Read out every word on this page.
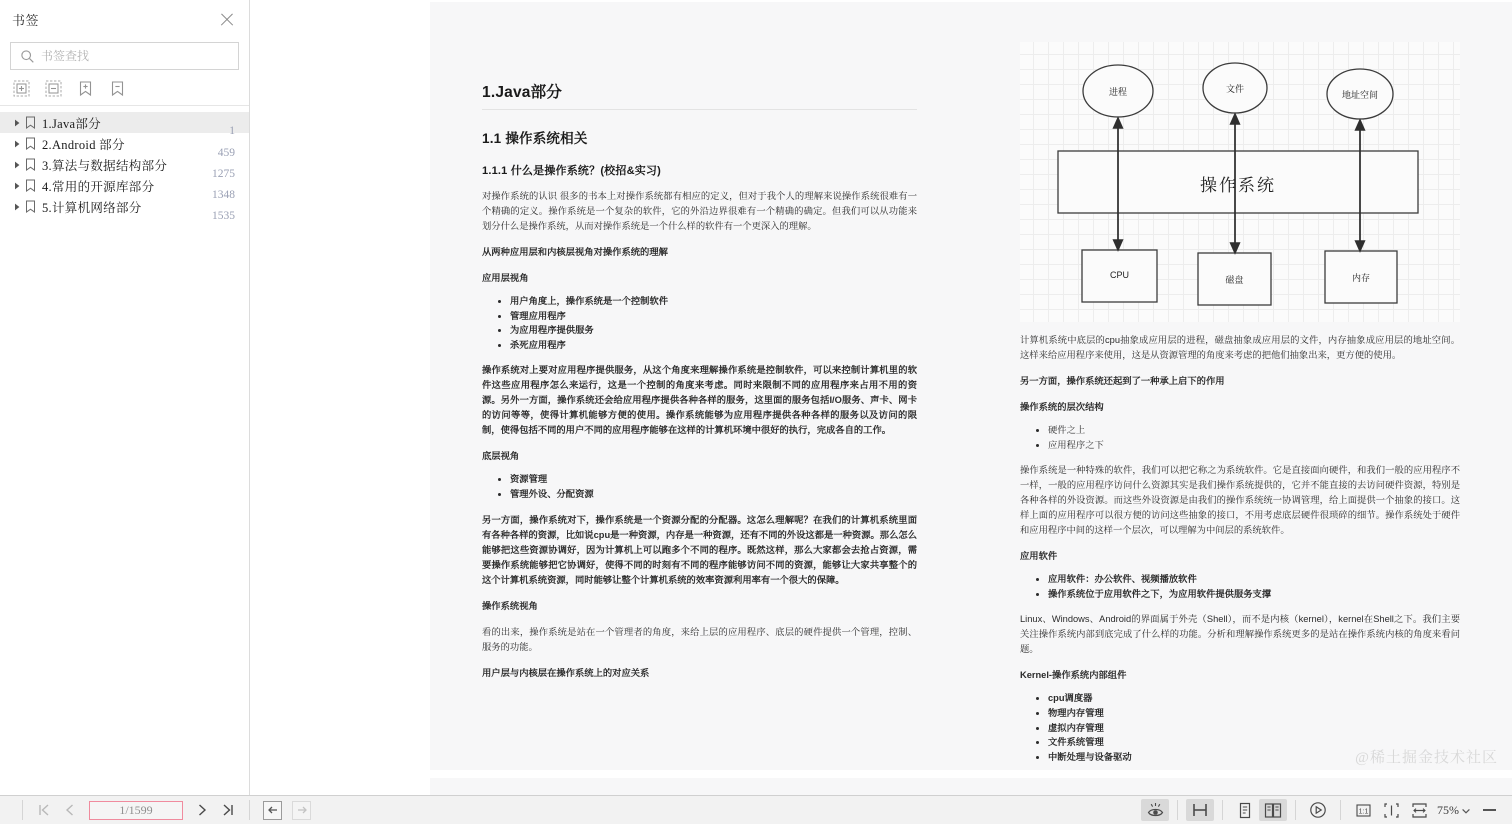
书签
书签查找
1.Java部分
1
2.Android 部分
459
3.算法与数据结构部分
1275
4.常用的开源库部分
1348
5.计算机网络部分
1535
1.Java部分
1.1 操作系统相关
1.1.1 什么是操作系统？(校招&实习)

对操作系统的认识 很多的书本上对操作系统都有相应的定义，但对于我个人的理解来说操作系统很难有一个精确的定义。操作系统是一个复杂的软件，它的外沿边界很难有一个精确的确定。但我们可以从功能来划分什么是操作系统，从而对操作系统是一个什么样的软件有一个更深入的理解。

从两种应用层和内核层视角对操作系统的理解

应用层视角

• 用户角度上，操作系统是一个控制软件
• 管理应用程序
• 为应用程序提供服务
• 杀死应用程序

操作系统对上要对应用程序提供服务，从这个角度来理解操作系统是控制软件，可以来控制计算机里的软件这些应用程序怎么来运行，这是一个控制的角度来考虑。同时来限制不同的应用程序来占用不用的资源。另外一方面，操作系统还会给应用程序提供各种各样的服务，这里面的服务包括I/O服务、声卡、网卡的访问等等，使得计算机能够方便的使用。操作系统能够为应用程序提供各种各样的服务以及访问的限制，使得包括不同的用户不同的应用程序能够在这样的计算机环境中很好的执行，完成各自的工作。

底层视角

• 资源管理
• 管理外设、分配资源

另一方面，操作系统对下，操作系统是一个资源分配的分配器。这怎么理解呢？在我们的计算机系统里面有各种各样的资源，比如说cpu是一种资源，内存是一种资源，还有不同的外设这都是一种资源。那么怎么能够把这些资源协调好，因为计算机上可以跑多个不同的程序。既然这样，那么大家都会去抢占资源，需要操作系统能够把它协调好，使得不同的时刻有不同的程序能够访问不同的资源，能够让大家共享整个的这个计算机系统资源，同时能够让整个计算机系统的效率资源利用率有一个很大的保障。

操作系统视角

看的出来，操作系统是站在一个管理者的角度，来给上层的应用程序、底层的硬件提供一个管理，控制、服务的功能。

用户层与内核层在操作系统上的对应关系

进程	文件
地址空间
操作系统
CPU	磁盘	内存

计算机系统中底层的cpu抽象成应用层的进程，磁盘抽象成应用层的文件，内存抽象成应用层的地址空间。这样来给应用程序来使用，这是从资源管理的角度来考虑的把他们抽象出来，更方便的使用。

另一方面，操作系统还起到了一种承上启下的作用

操作系统的层次结构

• 硬件之上
• 应用程序之下

操作系统是一种特殊的软件，我们可以把它称之为系统软件。它是直接面向硬件，和我们一般的应用程序不一样，一般的应用程序访问什么资源其实是我们操作系统提供的，它并不能直接的去访问硬件资源，特别是各种各样的外设资源。而这些外设资源是由我们的操作系统统一协调管理，给上面提供一个抽象的接口。这样上面的应用程序可以很方便的访问这些抽象的接口，不用考虑底层硬件很琐碎的细节。操作系统处于硬件和应用程序中间的这样一个层次，可以理解为中间层的系统软件。

应用软件

• 应用软件：办公软件、视频播放软件
• 操作系统位于应用软件之下，为应用软件提供服务支撑

Linux、Windows、Android的界面属于外壳（Shell），而不是内核（kernel），kernel在Shell之下。我们主要关注操作系统内部到底完成了什么样的功能。分析和理解操作系统更多的是站在操作系统内核的角度来看问题。

Kernel-操作系统内部组件

• cpu调度器
• 物理内存管理
• 虚拟内存管理
• 文件系统管理
• 中断处理与设备驱动	@稀土掘金技术社区
1/1599
1:1	75%
